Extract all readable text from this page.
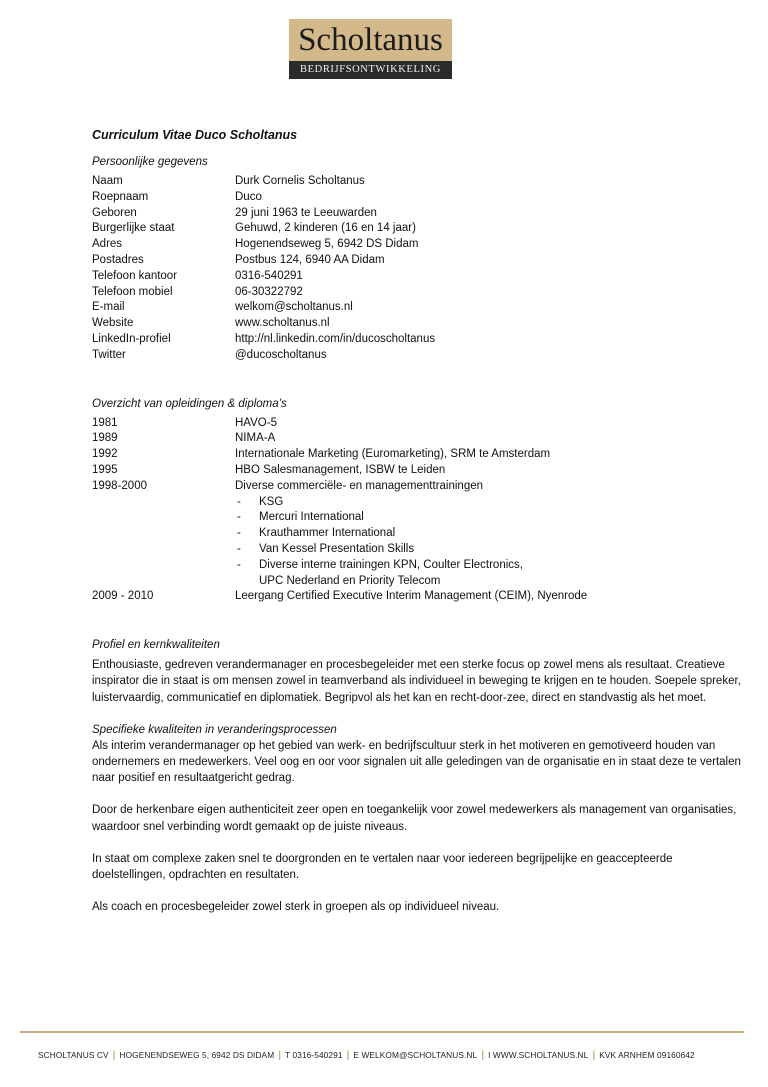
Scholtanus
BEDRIJFSONTWIKKELING
Curriculum Vitae Duco Scholtanus
Persoonlijke gegevens
Naam	Durk Cornelis Scholtanus
Roepnaam	Duco
Geboren	29 juni 1963 te Leeuwarden
Burgerlijke staat	Gehuwd, 2 kinderen (16 en 14 jaar)
Adres	Hogenendseweg 5, 6942 DS Didam
Postadres	Postbus 124, 6940 AA Didam
Telefoon kantoor	0316-540291
Telefoon mobiel	06-30322792
E-mail	welkom@scholtanus.nl
Website	www.scholtanus.nl
LinkedIn-profiel	http://nl.linkedin.com/in/ducoscholtanus
Twitter	@ducoscholtanus
Overzicht van opleidingen & diploma’s
1981	HAVO-5
1989	NIMA-A
1992	Internationale Marketing (Euromarketing), SRM te Amsterdam
1995	HBO Salesmanagement, ISBW te Leiden
1998-2000	Diverse commerciële- en managementtrainingen
-	KSG
-	Mercuri International
-	Krauthammer International
-	Van Kessel Presentation Skills
-	Diverse interne trainingen KPN, Coulter Electronics,
UPC Nederland en Priority Telecom
2009 - 2010	Leergang Certified Executive Interim Management (CEIM), Nyenrode
Profiel en kernkwaliteiten

Enthousiaste, gedreven verandermanager en procesbegeleider met een sterke focus op zowel mens als resultaat. Creatieve inspirator die in staat is om mensen zowel in teamverband als individueel in beweging te krijgen en te houden. Soepele spreker, luistervaardig, communicatief en diplomatiek. Begripvol als het kan en recht-door-zee, direct en standvastig als het moet.

Specifieke kwaliteiten in veranderingsprocessen

Als interim verandermanager op het gebied van werk- en bedrijfscultuur sterk in het motiveren en gemotiveerd houden van ondernemers en medewerkers. Veel oog en oor voor signalen uit alle geledingen van de organisatie en in staat deze te vertalen naar positief en resultaatgericht gedrag.

Door de herkenbare eigen authenticiteit zeer open en toegankelijk voor zowel medewerkers als management van organisaties, waardoor snel verbinding wordt gemaakt op de juiste niveaus.

In staat om complexe zaken snel te doorgronden en te vertalen naar voor iedereen begrijpelijke en geaccepteerde doelstellingen, opdrachten en resultaten.

Als coach en procesbegeleider zowel sterk in groepen als op individueel niveau.

SCHOLTANUS CV | HOGENENDSEWEG 5, 6942 DS DIDAM | T 0316-540291 | E WELKOM@SCHOLTANUS.NL | I WWW.SCHOLTANUS.NL | KVK ARNHEM 09160642
